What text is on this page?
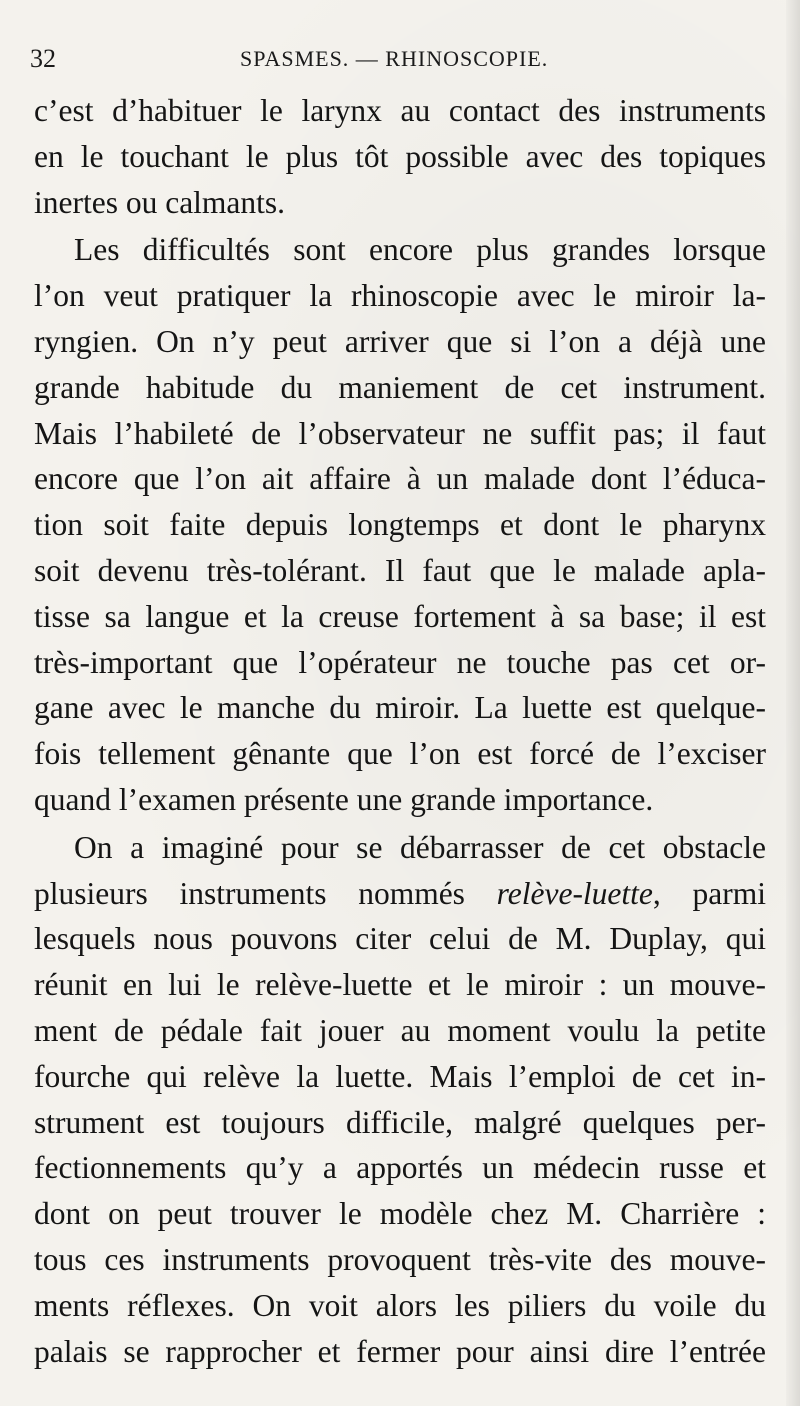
32	SPASMES. — RHINOSCOPIE.
c’est d’habituer le larynx au contact des instruments
en le touchant le plus tôt possible avec des topiques
inertes ou calmants.
Les difficultés sont encore plus grandes lorsque
l’on veut pratiquer la rhinoscopie avec le miroir la-
ryngien. On n’y peut arriver que si l’on a déjà une
grande habitude du maniement de cet instrument.
Mais l’habileté de l’observateur ne suffit pas; il faut
encore que l’on ait affaire à un malade dont l’éduca-
tion soit faite depuis longtemps et dont le pharynx
soit devenu très-tolérant. Il faut que le malade apla-
tisse sa langue et la creuse fortement à sa base; il est
très-important que l’opérateur ne touche pas cet or-
gane avec le manche du miroir. La luette est quelque-
fois tellement gênante que l’on est forcé de l’exciser
quand l’examen présente une grande importance.
On a imaginé pour se débarrasser de cet obstacle
plusieurs instruments nommés relève-luette, parmi
lesquels nous pouvons citer celui de M. Duplay, qui
réunit en lui le relève-luette et le miroir : un mouve-
ment de pédale fait jouer au moment voulu la petite
fourche qui relève la luette. Mais l’emploi de cet in-
strument est toujours difficile, malgré quelques per-
fectionnements qu’y a apportés un médecin russe et
dont on peut trouver le modèle chez M. Charrière :
tous ces instruments provoquent très-vite des mouve-
ments réflexes. On voit alors les piliers du voile du
palais se rapprocher et fermer pour ainsi dire l’entrée
